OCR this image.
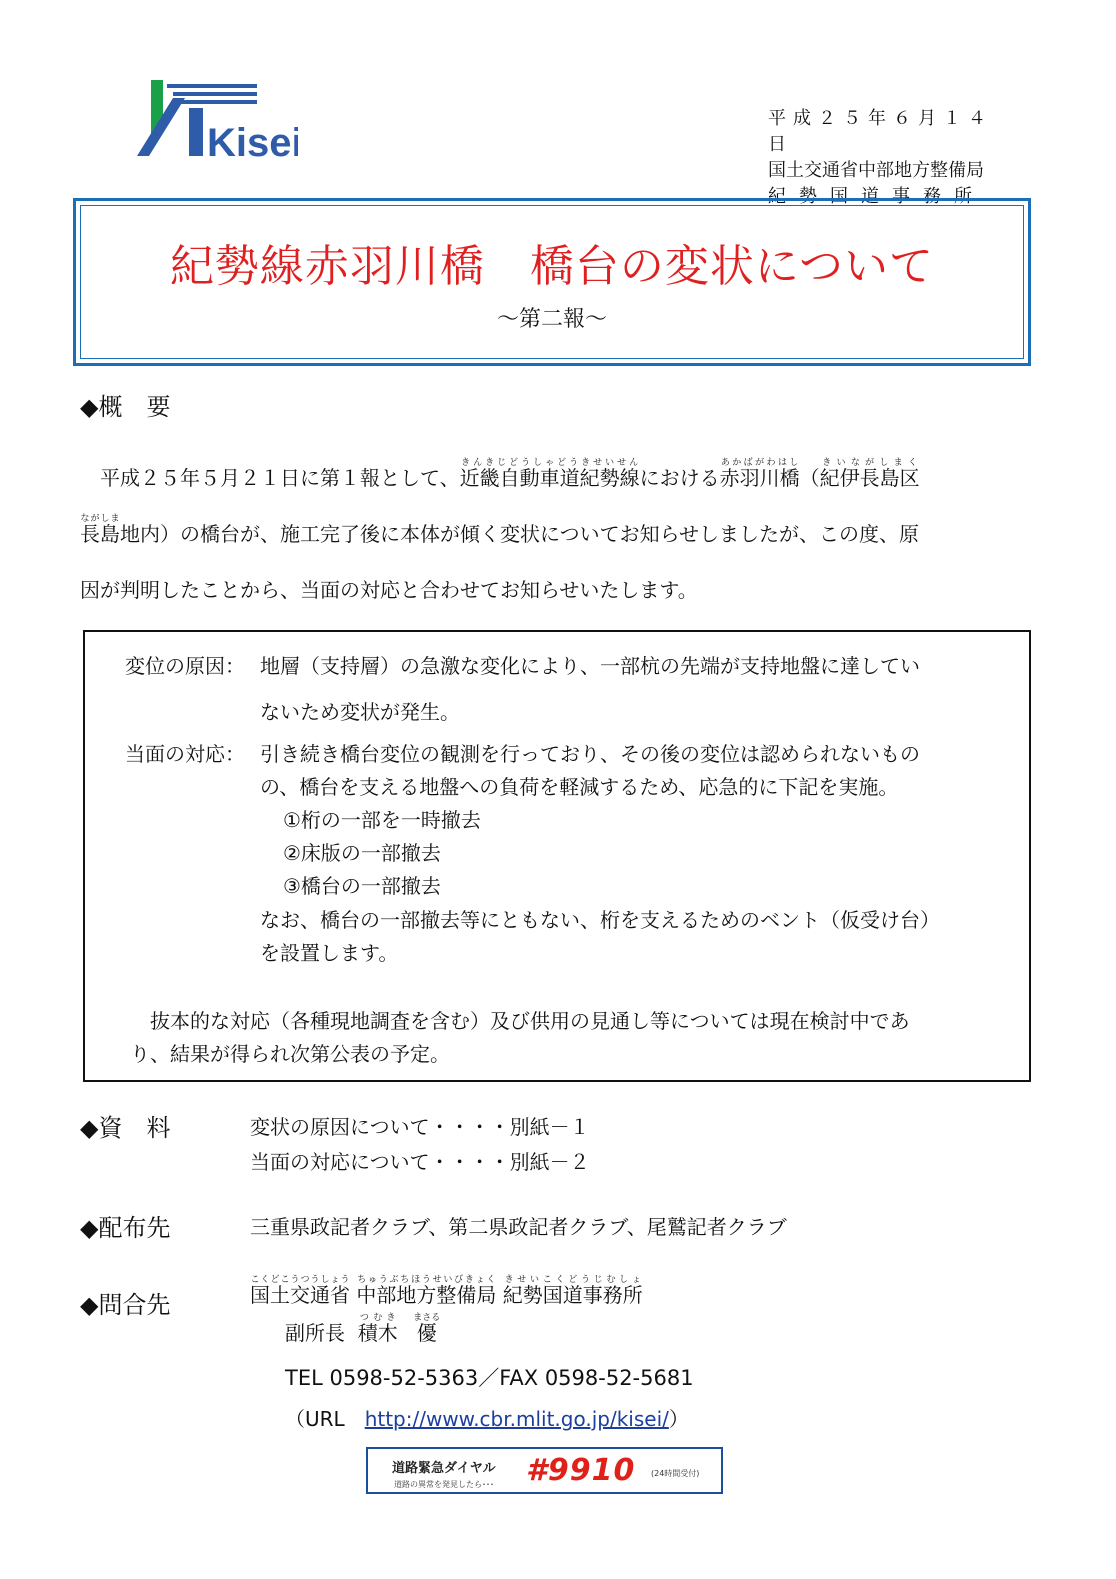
Kisei
平成２５年６月１４日
国土交通省中部地方整備局
紀勢国道事務所
紀勢線赤羽川橋　橋台の変状について
～第二報～
◆概　要
平成２５年５月２１日に第１報として、近畿自動車道紀勢線きんきじどうしゃどうきせいせんにおける赤羽川橋あかばがわはし（紀伊長島区きいながしまく
長島ながしま地内）の橋台が、施工完了後に本体が傾く変状についてお知らせしましたが、この度、原
因が判明したことから、当面の対応と合わせてお知らせいたします。
変位の原因： 地層（支持層）の急激な変化により、一部杭の先端が支持地盤に達してい
ないため変状が発生。
当面の対応： 引き続き橋台変位の観測を行っており、その後の変位は認められないもの
の、橋台を支える地盤への負荷を軽減するため、応急的に下記を実施。
①桁の一部を一時撤去
②床版の一部撤去
③橋台の一部撤去
なお、橋台の一部撤去等にともない、桁を支えるためのベント（仮受け台）
を設置します。
抜本的な対応（各種現地調査を含む）及び供用の見通し等については現在検討中であ
り、結果が得られ次第公表の予定。
◆資　料	変状の原因について・・・・別紙－１
当面の対応について・・・・別紙－２
◆配布先	三重県政記者クラブ、第二県政記者クラブ、尾鷲記者クラブ
◆問合先	国土交通省こくどこうつうしょう 中部地方整備局ちゅうぶちほうせいびきょく 紀勢国道事務所きせいこくどうじむしょ
副所長 積木つむき   優まさる
TEL 0598-52-5363／FAX 0598-52-5681
（URL　http://www.cbr.mlit.go.jp/kisei/）
道路緊急ダイヤル
道路の異常を発見したら･･･ #9910 (24時間受付)
